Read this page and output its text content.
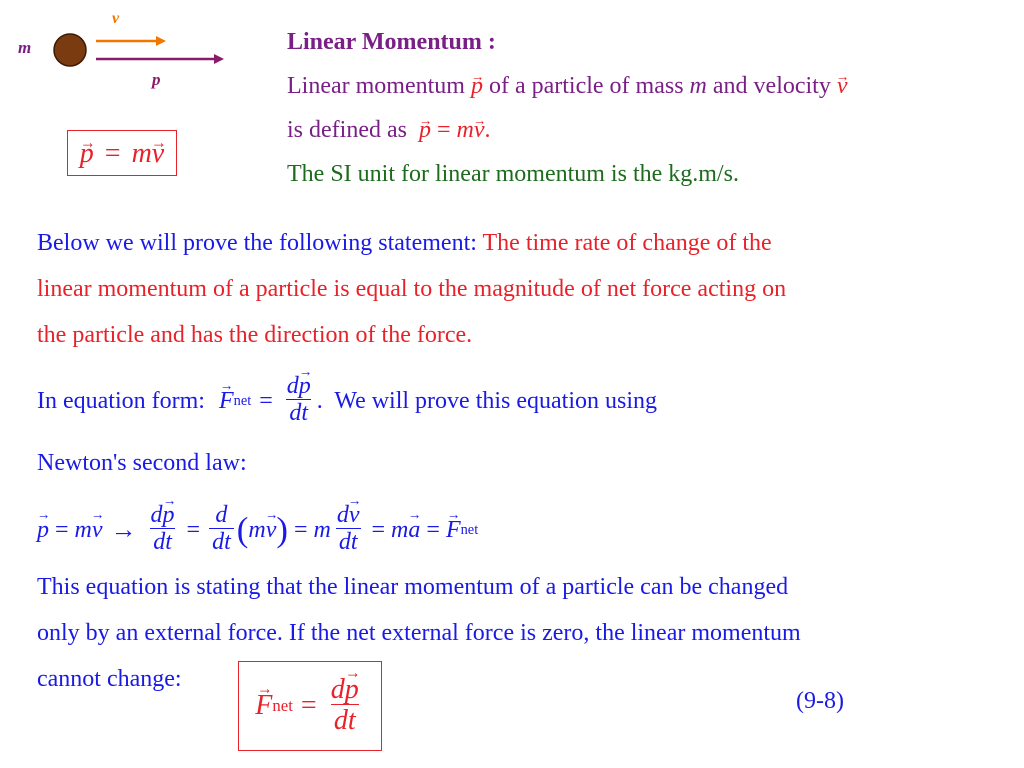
m
v
p
→ p = m→ v
Linear Momentum :
Linear momentum → p of a particle of mass m and velocity → v
is defined as → p = m→ v.
The SI unit for linear momentum is the kg.m/s.
Below we will prove the following statement: The time rate of change of the
linear momentum of a particle is equal to the magnitude of net force acting on
the particle and has the direction of the force.
In equation form:
→ F net = $\frac{d\to p}{dt}$ .  We will prove this equation using
Newton's second law:
→ p = m
→ $v \to \frac{d\to p}{dt} = \frac{d}{dt}$ ( m
→ v ) = m $\frac{d\to v}{dt} = m$
→ a =
→ F net
This equation is stating that the linear momentum of a particle can be changed
only by an external force. If the net external force is zero, the linear momentum
cannot change:
→ F net = $\frac{d\to p}{dt}$	(9-8)
